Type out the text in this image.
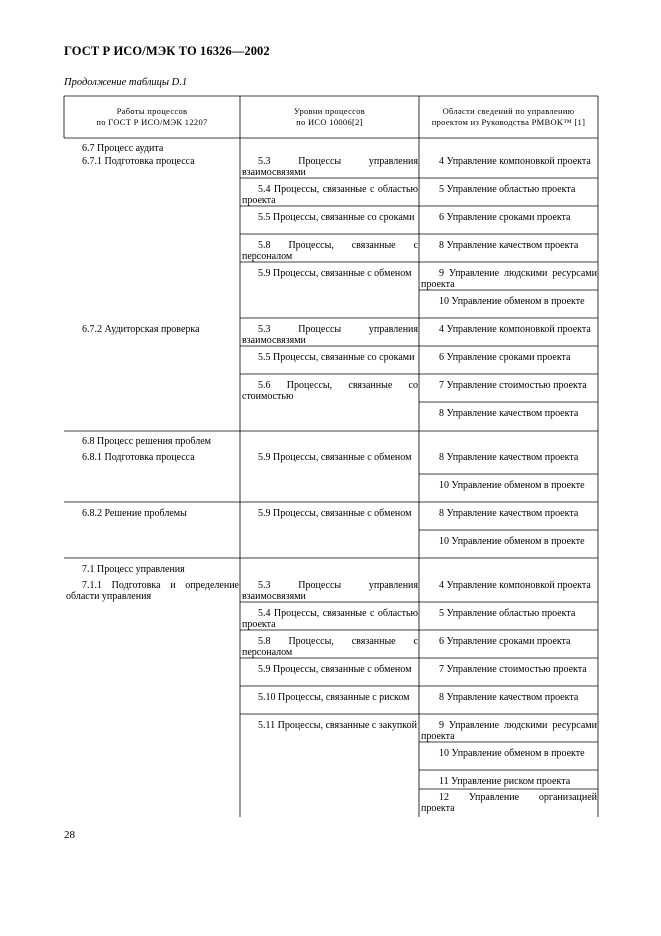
ГОСТ Р ИСО/МЭК ТО 16326—2002
Продолжение таблицы D.1
Работы процессов
по ГОСТ Р ИСО/МЭК 12207
Уровни процессов
по ИСО 10006[2]
Области сведений по управлению
проектом из Руководства PMBOK™ [1]
6.7 Процесс аудита
6.7.1 Подготовка процесса
6.7.2 Аудиторская проверка
6.8 Процесс решения проблем
6.8.1 Подготовка процесса
6.8.2 Решение проблемы
7.1 Процесс управления
7.1.1 Подготовка и определение области управления
5.3 Процессы управления взаимосвязями
5.4 Процессы, связанные с областью проекта
5.5 Процессы, связанные со сроками
5.8 Процессы, связанные с персоналом
5.9 Процессы, связанные с обменом
5.3 Процессы управления взаимосвязями
5.5 Процессы, связанные со сроками
5.6 Процессы, связанные со стоимостью
5.9 Процессы, связанные с обменом
5.9 Процессы, связанные с обменом
5.3 Процессы управления взаимосвязями
5.4 Процессы, связанные с областью проекта
5.8 Процессы, связанные с персоналом
5.9 Процессы, связанные с обменом
5.10 Процессы, связанные с риском
5.11 Процессы, связанные с закупкой
4 Управление компоновкой проекта
5 Управление областью проекта
6 Управление сроками проекта
8 Управление качеством проекта
9 Управление людскими ресурсами проекта
10 Управление обменом в проекте
4 Управление компоновкой проекта
6 Управление сроками проекта
7 Управление стоимостью проекта
8 Управление качеством проекта
8 Управление качеством проекта
10 Управление обменом в проекте
8 Управление качеством проекта
10 Управление обменом в проекте
4 Управление компоновкой проекта
5 Управление областью проекта
6 Управление сроками проекта
7 Управление стоимостью проекта
8 Управление качеством проекта
9 Управление людскими ресурсами проекта
10 Управление обменом в проекте
11 Управление риском проекта
12 Управление организацией проекта
28
